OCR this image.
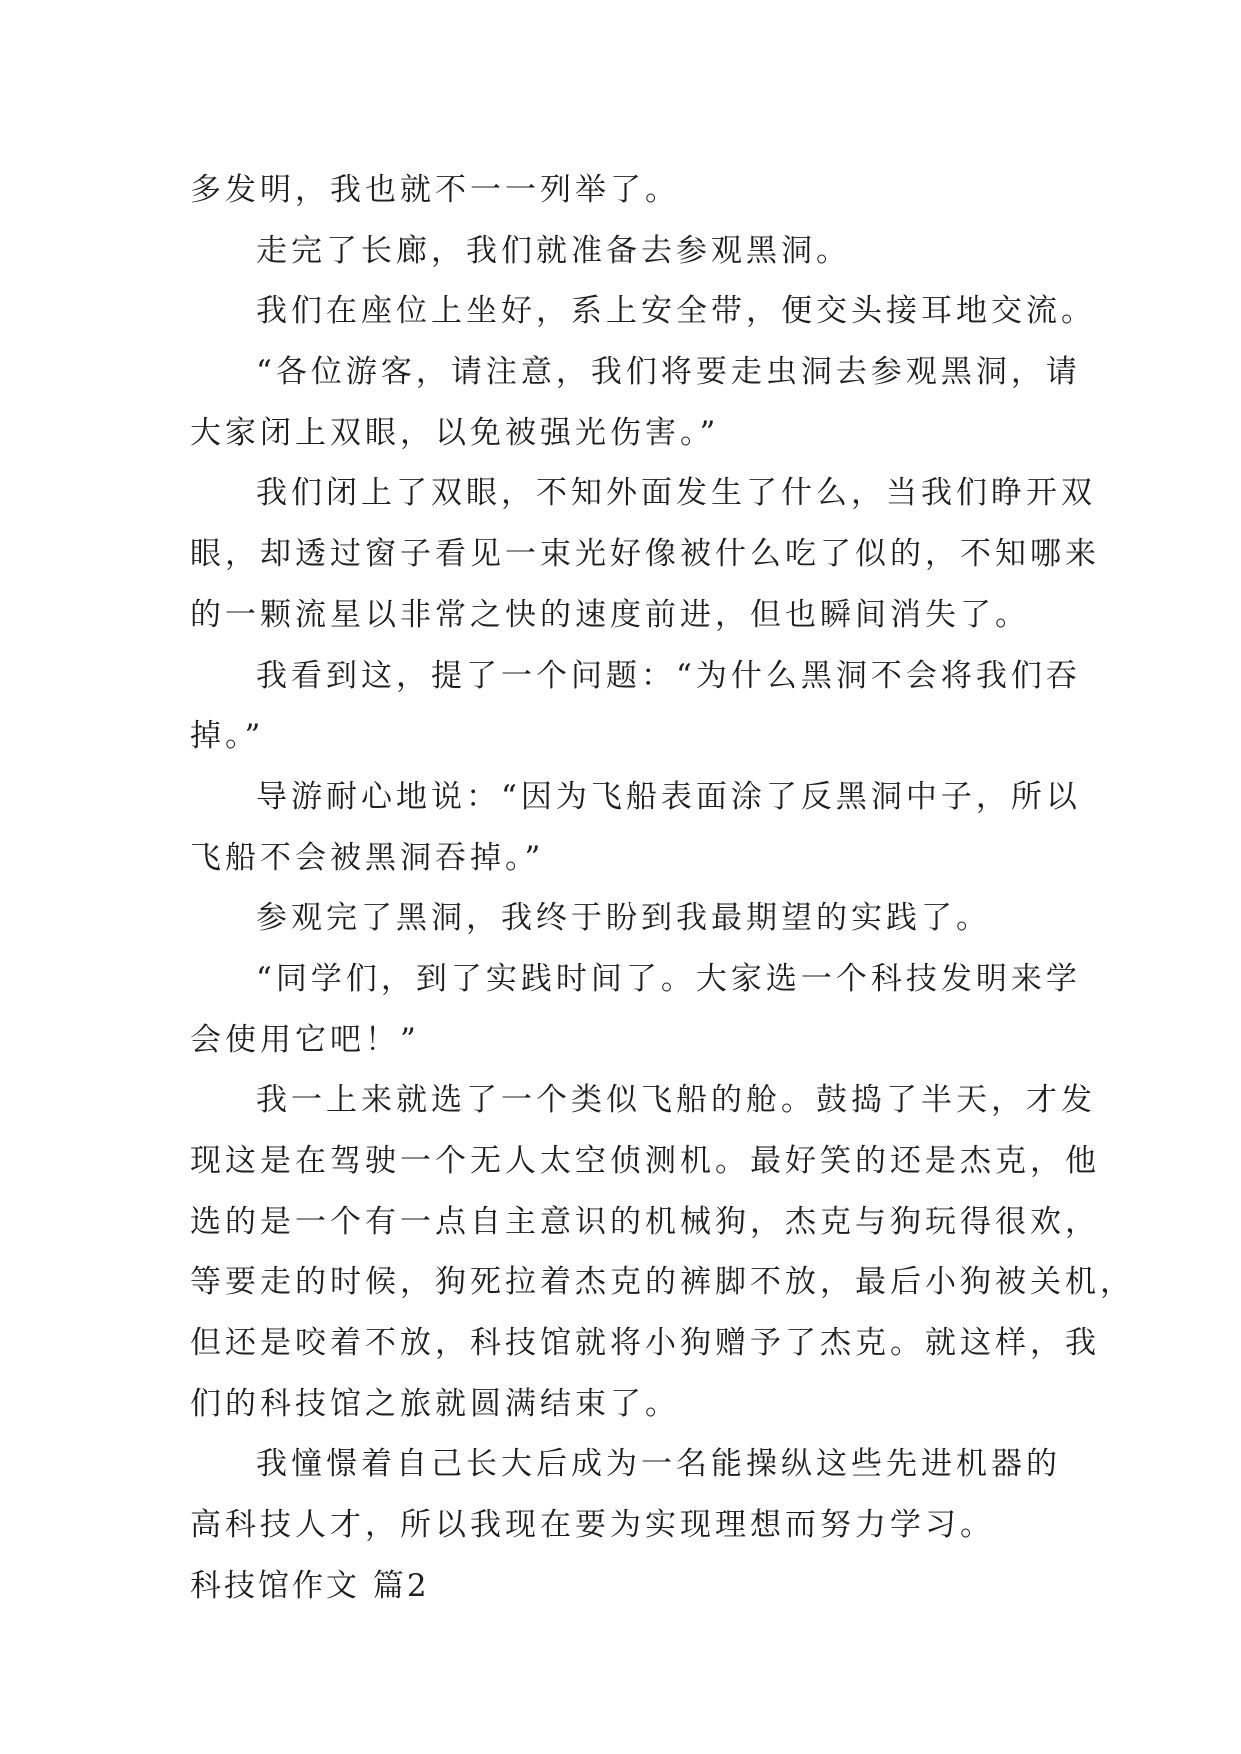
多发明，我也就不一一列举了。
走完了长廊，我们就准备去参观黑洞。
我们在座位上坐好，系上安全带，便交头接耳地交流。
“各位游客，请注意，我们将要走虫洞去参观黑洞，请
大家闭上双眼，以免被强光伤害。”
我们闭上了双眼，不知外面发生了什么，当我们睁开双
眼，却透过窗子看见一束光好像被什么吃了似的，不知哪来
的一颗流星以非常之快的速度前进，但也瞬间消失了。
我看到这，提了一个问题：“为什么黑洞不会将我们吞
掉。”
导游耐心地说：“因为飞船表面涂了反黑洞中子，所以
飞船不会被黑洞吞掉。”
参观完了黑洞，我终于盼到我最期望的实践了。
“同学们，到了实践时间了。大家选一个科技发明来学
会使用它吧！”
我一上来就选了一个类似飞船的舱。鼓捣了半天，才发
现这是在驾驶一个无人太空侦测机。最好笑的还是杰克，他
选的是一个有一点自主意识的机械狗，杰克与狗玩得很欢，
等要走的时候，狗死拉着杰克的裤脚不放，最后小狗被关机，
但还是咬着不放，科技馆就将小狗赠予了杰克。就这样，我
们的科技馆之旅就圆满结束了。
我憧憬着自己长大后成为一名能操纵这些先进机器的
高科技人才，所以我现在要为实现理想而努力学习。
科技馆作文 篇2
